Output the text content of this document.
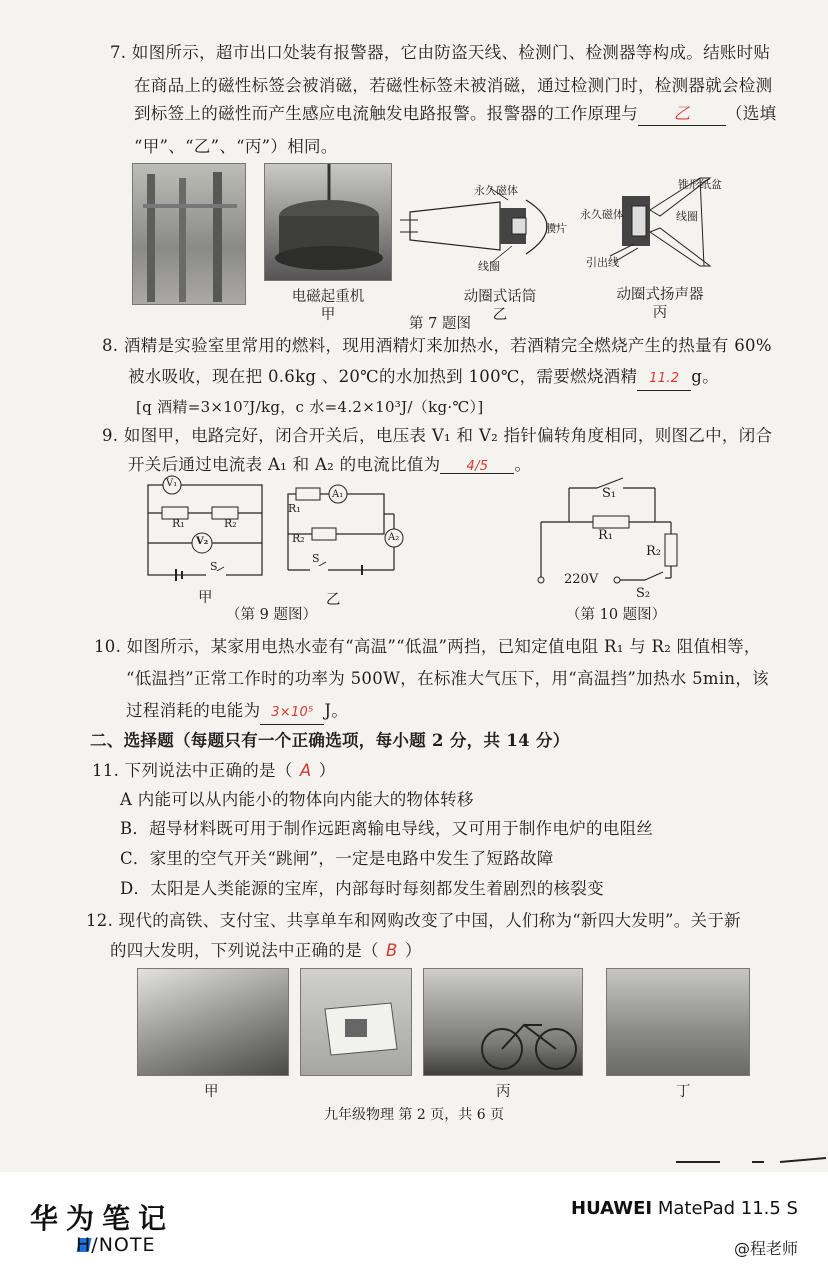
7. 如图所示，超市出口处装有报警器，它由防盗天线、检测门、检测器等构成。结账时贴
在商品上的磁性标签会被消磁，若磁性标签未被消磁，通过检测门时，检测器就会检测
到标签上的磁性而产生感应电流触发电路报警。报警器的工作原理与 乙 （选填
“甲”、“乙”、“丙”）相同。
电磁起重机
甲
永久磁体
膜片
线圈
动圈式话筒
乙
锥形纸盆
永久磁体	线圈
引出线
动圈式扬声器
丙
第 7 题图
8. 酒精是实验室里常用的燃料，现用酒精灯来加热水，若酒精完全燃烧产生的热量有 60%
被水吸收，现在把 0.6kg 、20℃的水加热到 100℃，需要燃烧酒精 11.2 g。
[q 酒精=3×10⁷J/kg，c 水=4.2×10³J/（kg·℃）]
9. 如图甲，电路完好，闭合开关后，电压表 V₁ 和 V₂ 指针偏转角度相同，则图乙中，闭合
开关后通过电流表 A₁ 和 A₂ 的电流比值为 4/5 。
V₁
V₂
R₁	R₂
S
甲
A₁
A₂
R₁
R₂
S
乙
（第 9 题图）
S₁
R₁
R₂
220V
S₂
（第 10 题图）
10. 如图所示，某家用电热水壶有“高温”“低温”两挡，已知定值电阻 R₁ 与 R₂ 阻值相等，
“低温挡”正常工作时的功率为 500W，在标准大气压下，用“高温挡”加热水 5min，该
过程消耗的电能为 3×10⁵ J。
二、选择题（每题只有一个正确选项，每小题 2 分，共 14 分）
11. 下列说法中正确的是（ A ）
A 内能可以从内能小的物体向内能大的物体转移
B．超导材料既可用于制作远距离输电导线，又可用于制作电炉的电阻丝
C．家里的空气开关“跳闸”，一定是电路中发生了短路故障
D．太阳是人类能源的宝库，内部每时每刻都发生着剧烈的核裂变
12. 现代的高铁、支付宝、共享单车和网购改变了中国，人们称为“新四大发明”。关于新
的四大发明，下列说法中正确的是（ B ）
甲	丙	丁
九年级物理 第 2 页，共 6 页
华为笔记
H/NOTE
HUAWEI MatePad 11.5 S
@程老师
